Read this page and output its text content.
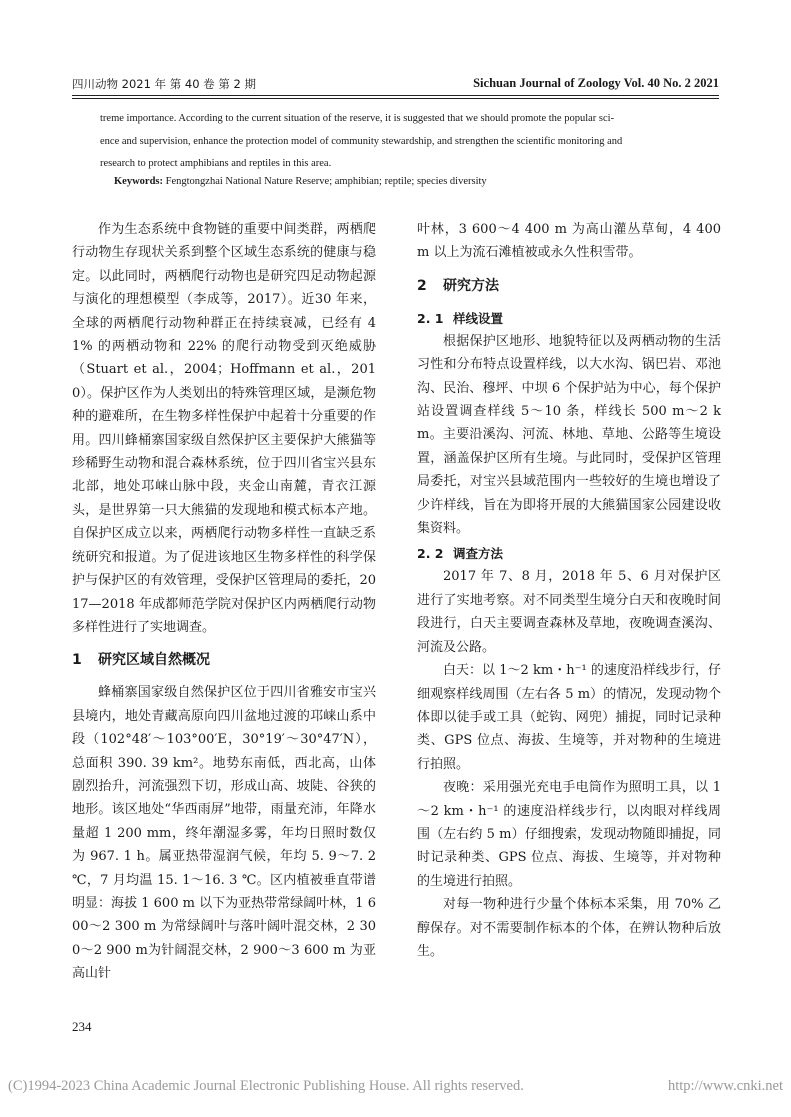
四川动物 2021 年 第 40 卷 第 2 期	Sichuan Journal of Zoology Vol. 40 No. 2 2021

treme importance. According to the current situation of the reserve, it is suggested that we should promote the popular sci-

ence and supervision, enhance the protection model of community stewardship, and strengthen the scientific monitoring and

research to protect amphibians and reptiles in this area.

Keywords: Fengtongzhai National Nature Reserve; amphibian; reptile; species diversity

作为生态系统中食物链的重要中间类群，两栖爬行动物生存现状关系到整个区域生态系统的健康与稳定。以此同时，两栖爬行动物也是研究四足动物起源与演化的理想模型（李成等，2017）。近30 年来，全球的两栖爬行动物种群正在持续衰减，已经有 41% 的两栖动物和 22% 的爬行动物受到灭绝威胁（Stuart et al.，2004；Hoffmann et al.，2010）。保护区作为人类划出的特殊管理区域，是濒危物种的避难所，在生物多样性保护中起着十分重要的作用。四川蜂桶寨国家级自然保护区主要保护大熊猫等珍稀野生动物和混合森林系统，位于四川省宝兴县东北部，地处邛崃山脉中段，夹金山南麓，青衣江源头，是世界第一只大熊猫的发现地和模式标本产地。自保护区成立以来，两栖爬行动物多样性一直缺乏系统研究和报道。为了促进该地区生物多样性的科学保护与保护区的有效管理，受保护区管理局的委托，2017—2018 年成都师范学院对保护区内两栖爬行动物多样性进行了实地调查。

1 研究区域自然概况

蜂桶寨国家级自然保护区位于四川省雅安市宝兴县境内，地处青藏高原向四川盆地过渡的邛崃山系中段（102°48′～103°00′E，30°19′～30°47′N），总面积 390. 39 km²。地势东南低，西北高，山体剧烈抬升，河流强烈下切，形成山高、坡陡、谷狭的地形。该区地处“华西雨屏”地带，雨量充沛，年降水量超 1 200 mm，终年潮湿多雾，年均日照时数仅为 967. 1 h。属亚热带湿润气候，年均 5. 9～7. 2 ℃，7 月均温 15. 1～16. 3 ℃。区内植被垂直带谱明显：海拔 1 600 m 以下为亚热带常绿阔叶林，1 600～2 300 m 为常绿阔叶与落叶阔叶混交林，2 300～2 900 m为针阔混交林，2 900～3 600 m 为亚高山针

叶林，3 600～4 400 m 为高山灌丛草甸，4 400 m 以上为流石滩植被或永久性积雪带。

2 研究方法
2. 1 样线设置

根据保护区地形、地貌特征以及两栖动物的生活习性和分布特点设置样线，以大水沟、锅巴岩、邓池沟、民治、穆坪、中坝 6 个保护站为中心，每个保护站设置调查样线 5～10 条，样线长 500 m～2 km。主要沿溪沟、河流、林地、草地、公路等生境设置，涵盖保护区所有生境。与此同时，受保护区管理局委托，对宝兴县域范围内一些较好的生境也增设了少许样线，旨在为即将开展的大熊猫国家公园建设收集资料。

2. 2 调查方法

2017 年 7、8 月，2018 年 5、6 月对保护区进行了实地考察。对不同类型生境分白天和夜晚时间段进行，白天主要调查森林及草地，夜晚调查溪沟、河流及公路。

白天：以 1～2 km・h⁻¹ 的速度沿样线步行，仔细观察样线周围（左右各 5 m）的情况，发现动物个体即以徒手或工具（蛇钩、网兜）捕捉，同时记录种类、GPS 位点、海拔、生境等，并对物种的生境进行拍照。

夜晚：采用强光充电手电筒作为照明工具，以 1～2 km・h⁻¹ 的速度沿样线步行，以肉眼对样线周围（左右约 5 m）仔细搜索，发现动物随即捕捉，同时记录种类、GPS 位点、海拔、生境等，并对物种的生境进行拍照。

对每一物种进行少量个体标本采集，用 70% 乙醇保存。对不需要制作标本的个体，在辨认物种后放生。

234
(C)1994-2023 China Academic Journal Electronic Publishing House. All rights reserved.	http://www.cnki.net
